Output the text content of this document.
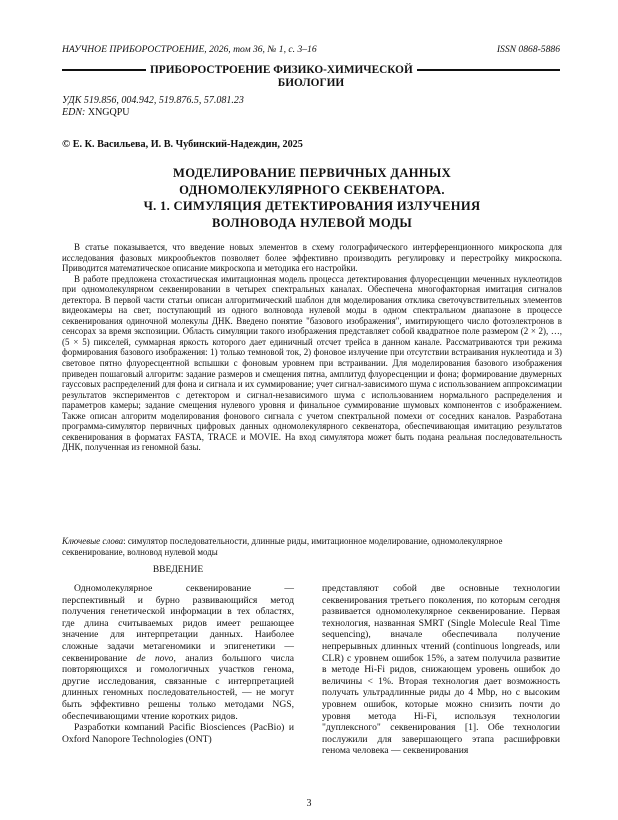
НАУЧНОЕ ПРИБОРОСТРОЕНИЕ, 2026, том 36, № 1, с. 3–16	ISSN 0868-5886
ПРИБОРОСТРОЕНИЕ ФИЗИКО-ХИМИЧЕСКОЙ
БИОЛОГИИ
УДК 519.856, 004.942, 519.876.5, 57.081.23
EDN: XNGQPU
© Е. К. Васильева, И. В. Чубинский-Надеждин, 2025
МОДЕЛИРОВАНИЕ ПЕРВИЧНЫХ ДАННЫХ
ОДНОМОЛЕКУЛЯРНОГО СЕКВЕНАТОРА.
Ч. 1. СИМУЛЯЦИЯ ДЕТЕКТИРОВАНИЯ ИЗЛУЧЕНИЯ
ВОЛНОВОДА НУЛЕВОЙ МОДЫ

В статье показывается, что введение новых элементов в схему голографического интерференционного микроскопа для исследования фазовых микрообъектов позволяет более эффективно производить регулировку и перестройку микроскопа. Приводится математическое описание микроскопа и методика его настройки.

В работе предложена стохастическая имитационная модель процесса детектирования флуоресценции меченных нуклеотидов при одномолекулярном секвенировании в четырех спектральных каналах. Обеспечена многофакторная имитация сигналов детектора. В первой части статьи описан алгоритмический шаблон для моделирования отклика светочувствительных элементов видеокамеры на свет, поступающий из одного волновода нулевой моды в одном спектральном диапазоне в процессе секвенирования одиночной молекулы ДНК. Введено понятие "базового изображения", имитирующего число фотоэлектронов в сенсорах за время экспозиции. Область симуляции такого изображения представляет собой квадратное поле размером (2 × 2), …, (5 × 5) пикселей, суммарная яркость которого дает единичный отсчет трейса в данном канале. Рассматриваются три режима формирования базового изображения: 1) только темновой ток, 2) фоновое излучение при отсутствии встраивания нуклеотида и 3) световое пятно флуоресцентной вспышки с фоновым уровнем при встраивании. Для моделирования базового изображения приведен пошаговый алгоритм: задание размеров и смещения пятна, амплитуд флуоресценции и фона; формирование двумерных гауссовых распределений для фона и сигнала и их суммирование; учет сигнал-зависимого шума с использованием аппроксимации результатов экспериментов с детектором и сигнал-независимого шума с использованием нормального распределения и параметров камеры; задание смещения нулевого уровня и финальное суммирование шумовых компонентов с изображением. Также описан алгоритм моделирования фонового сигнала с учетом спектральной помехи от соседних каналов. Разработана программа-симулятор первичных цифровых данных одномолекулярного секвенатора, обеспечивающая имитацию результатов секвенирования в форматах FASTA, TRACE и MOVIE. На вход симулятора может быть подана реальная последовательность ДНК, полученная из геномной базы.

Ключевые слова: симулятор последовательности, длинные риды, имитационное моделирование, одномолекулярное секвенирование, волновод нулевой моды
ВВЕДЕНИЕ

Одномолекулярное секвенирование — перспективный и бурно развивающийся метод получения генетической информации в тех областях, где длина считываемых ридов имеет решающее значение для интерпретации данных. Наиболее сложные задачи метагеномики и эпигенетики — секвенирование de novo, анализ большого числа повторяющихся и гомологичных участков генома, другие исследования, связанные с интерпретацией длинных геномных последовательностей, — не могут быть эффективно решены только методами NGS, обеспечивающими чтение коротких ридов.

Разработки компаний Pacific Biosciences (PacBio) и Oxford Nanopore Technologies (ONT)

представляют собой две основные технологии секвенирования третьего поколения, по которым сегодня развивается одномолекулярное секвенирование. Первая технология, названная SMRT (Single Molecule Real Time sequencing), вначале обеспечивала получение непрерывных длинных чтений (continuous longreads, или CLR) с уровнем ошибок 15%, а затем получила развитие в методе Hi-Fi ридов, снижающем уровень ошибок до величины < 1%. Вторая технология дает возможность получать ультрадлинные риды до 4 Mbp, но с высоким уровнем ошибок, которые можно снизить почти до уровня метода Hi-Fi, используя технологии "дуплексного" секвенирования [1]. Обе технологии послужили для завершающего этапа расшифровки генома человека — секвенирования

3
